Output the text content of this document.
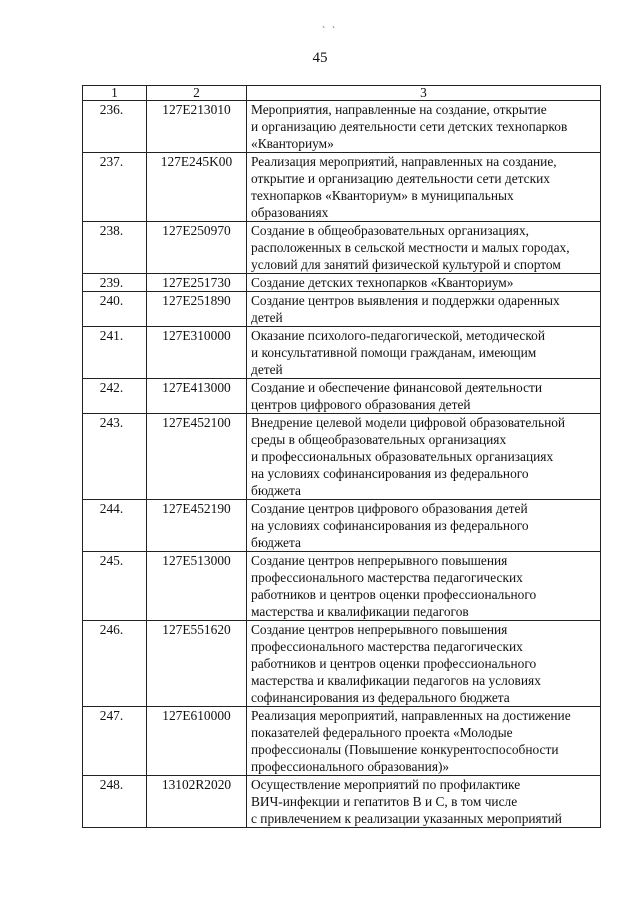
` `
45
1	2	3
236.	127E213010	Мероприятия, направленные на создание, открытие
и организацию деятельности сети детских технопарков
«Кванториум»
237.	127E245K00	Реализация мероприятий, направленных на создание,
открытие и организацию деятельности сети детских
технопарков «Кванториум» в муниципальных
образованиях
238.	127E250970	Создание в общеобразовательных организациях,
расположенных в сельской местности и малых городах,
условий для занятий физической культурой и спортом
239.	127E251730	Создание детских технопарков «Кванториум»
240.	127E251890	Создание центров выявления и поддержки одаренных
детей
241.	127E310000	Оказание психолого-педагогической, методической
и консультативной помощи гражданам, имеющим
детей
242.	127E413000	Создание и обеспечение финансовой деятельности
центров цифрового образования детей
243.	127E452100	Внедрение целевой модели цифровой образовательной
среды в общеобразовательных организациях
и профессиональных образовательных организациях
на условиях софинансирования из федерального
бюджета
244.	127E452190	Создание центров цифрового образования детей
на условиях софинансирования из федерального
бюджета
245.	127E513000	Создание центров непрерывного повышения
профессионального мастерства педагогических
работников и центров оценки профессионального
мастерства и квалификации педагогов
246.	127E551620	Создание центров непрерывного повышения
профессионального мастерства педагогических
работников и центров оценки профессионального
мастерства и квалификации педагогов на условиях
софинансирования из федерального бюджета
247.	127E610000	Реализация мероприятий, направленных на достижение
показателей федерального проекта «Молодые
профессионалы (Повышение конкурентоспособности
профессионального образования)»
248.	13102R2020	Осуществление мероприятий по профилактике
ВИЧ-инфекции и гепатитов В и С, в том числе
с привлечением к реализации указанных мероприятий
